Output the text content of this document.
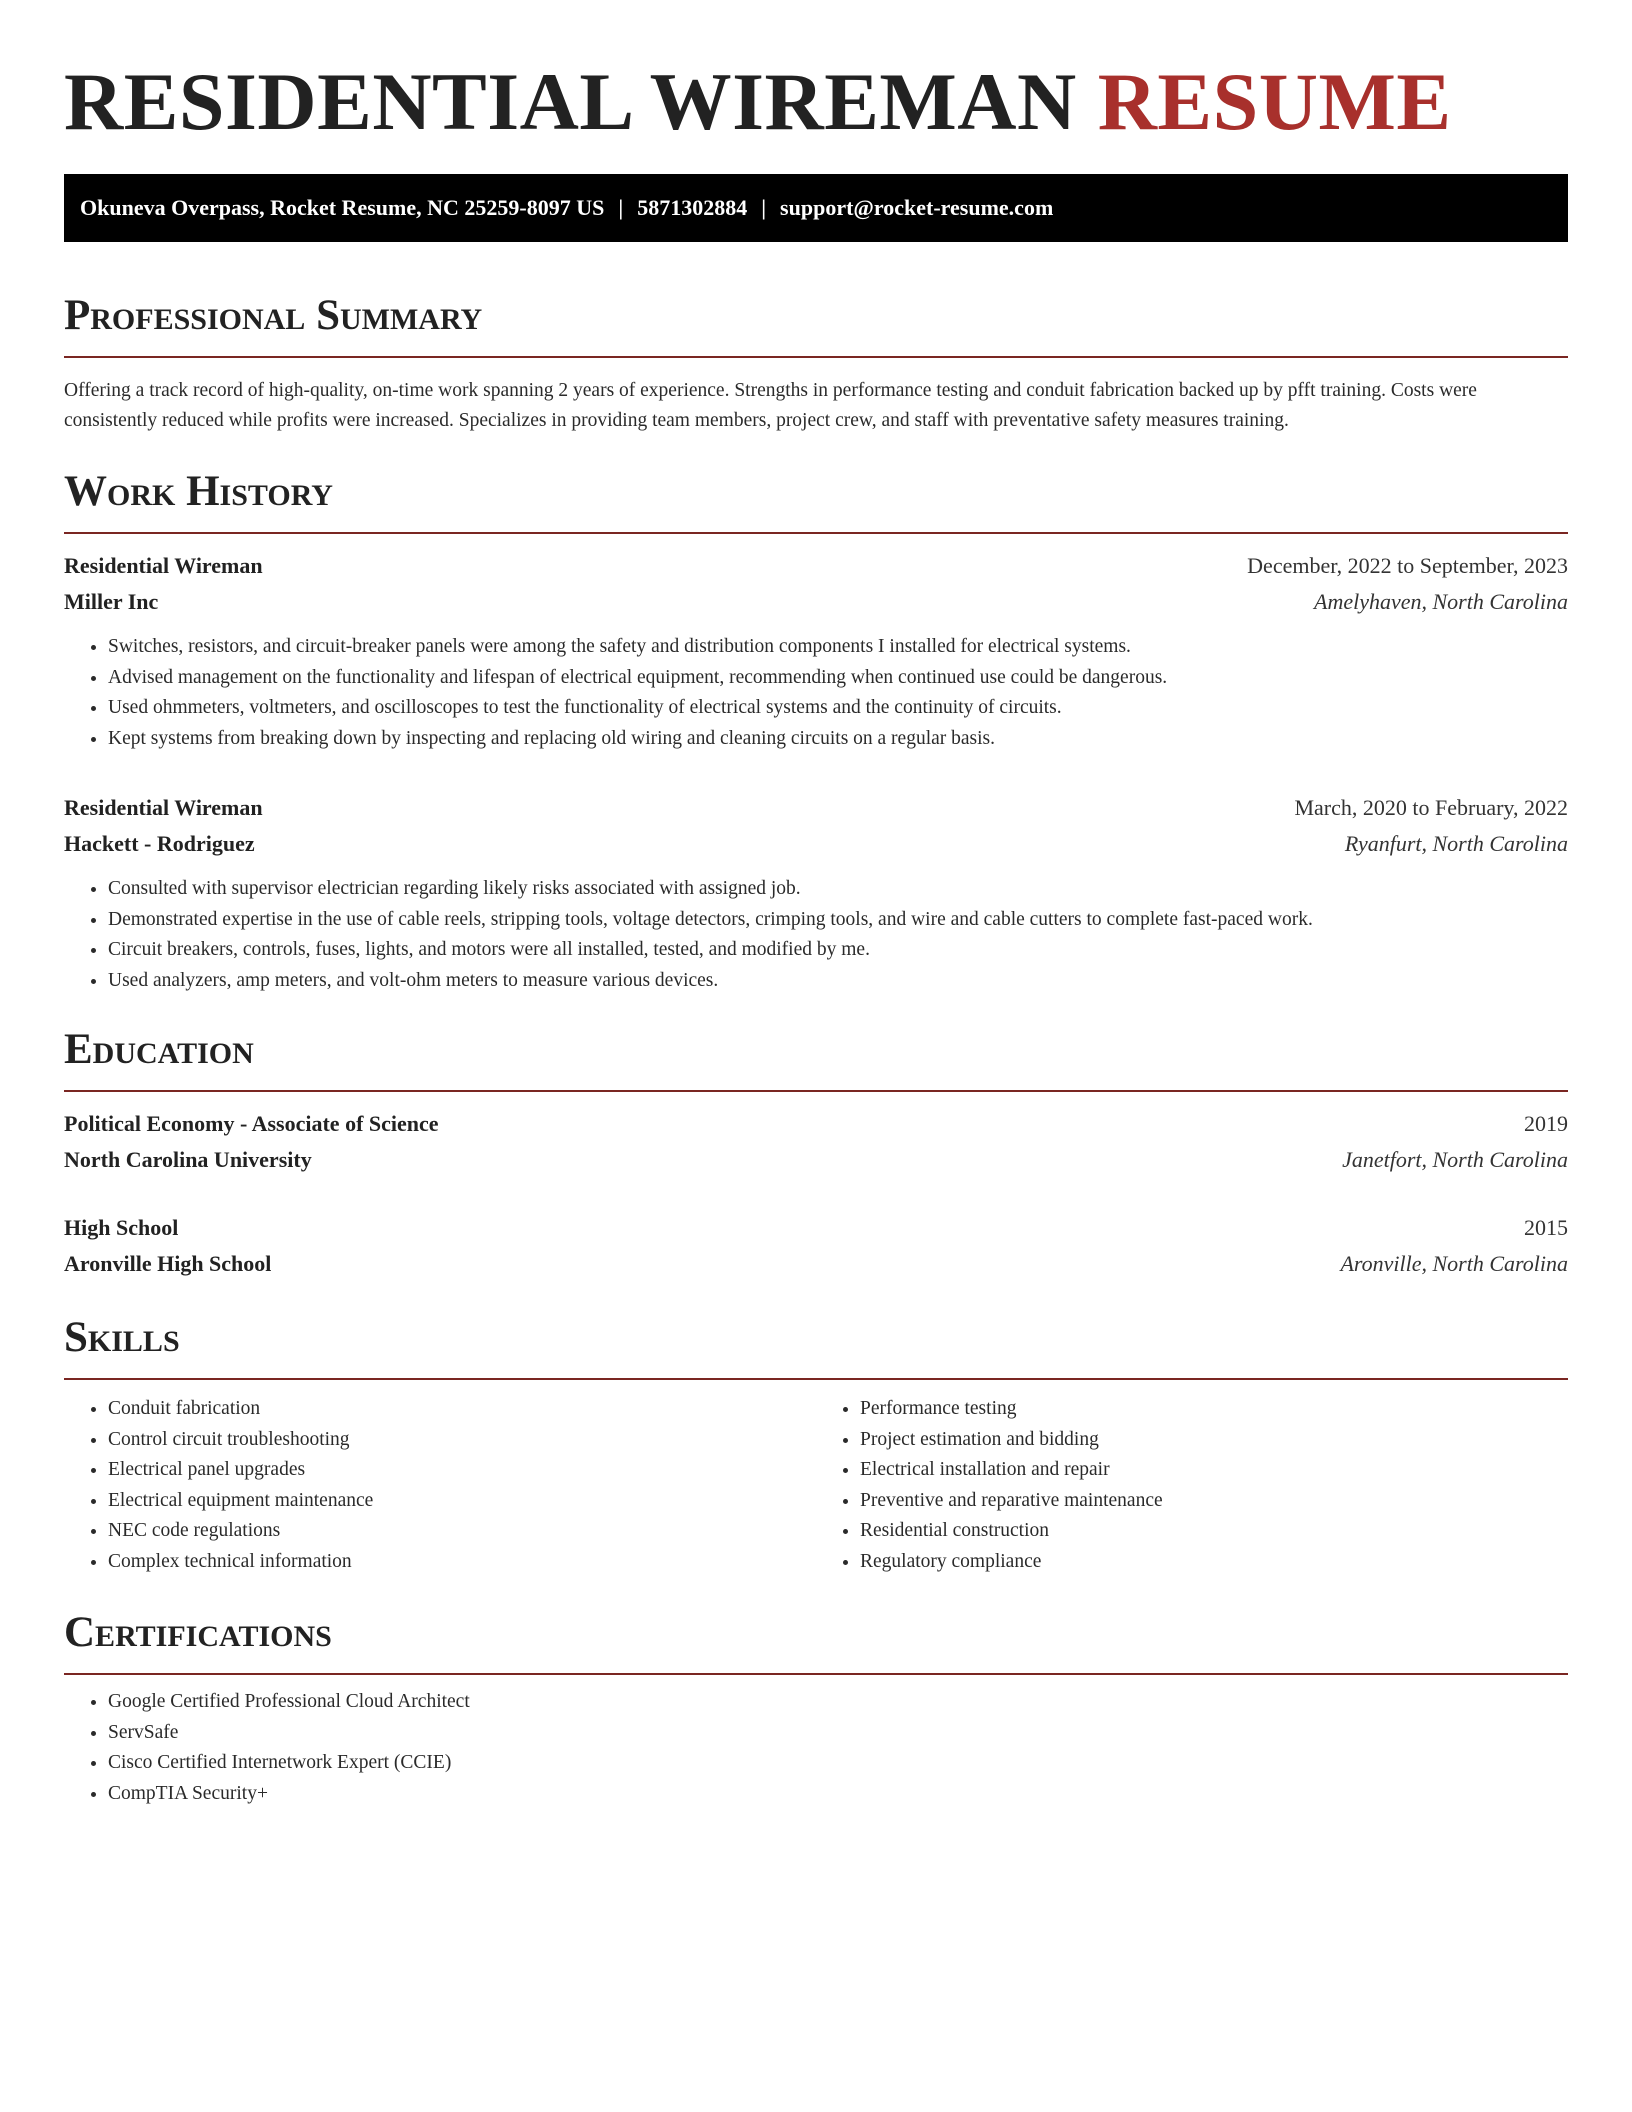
RESIDENTIAL WIREMAN RESUME
Okuneva Overpass, Rocket Resume, NC 25259-8097 US | 5871302884 | support@rocket-resume.com
Professional Summary

Offering a track record of high-quality, on-time work spanning 2 years of experience. Strengths in performance testing and conduit fabrication backed up by pfft training. Costs were consistently reduced while profits were increased. Specializes in providing team members, project crew, and staff with preventative safety measures training.

Work History
Residential Wireman	December, 2022 to September, 2023
Miller Inc	Amelyhaven, North Carolina
• Switches, resistors, and circuit-breaker panels were among the safety and distribution components I installed for electrical systems.
• Advised management on the functionality and lifespan of electrical equipment, recommending when continued use could be dangerous.
• Used ohmmeters, voltmeters, and oscilloscopes to test the functionality of electrical systems and the continuity of circuits.
• Kept systems from breaking down by inspecting and replacing old wiring and cleaning circuits on a regular basis.
Residential Wireman	March, 2020 to February, 2022
Hackett - Rodriguez	Ryanfurt, North Carolina
• Consulted with supervisor electrician regarding likely risks associated with assigned job.
• Demonstrated expertise in the use of cable reels, stripping tools, voltage detectors, crimping tools, and wire and cable cutters to complete fast-paced work.
• Circuit breakers, controls, fuses, lights, and motors were all installed, tested, and modified by me.
• Used analyzers, amp meters, and volt-ohm meters to measure various devices.
Education
Political Economy - Associate of Science	2019
North Carolina University	Janetfort, North Carolina
High School	2015
Aronville High School	Aronville, North Carolina
Skills
• Conduit fabrication
• Control circuit troubleshooting
• Electrical panel upgrades
• Electrical equipment maintenance
• NEC code regulations
• Complex technical information
• Performance testing
• Project estimation and bidding
• Electrical installation and repair
• Preventive and reparative maintenance
• Residential construction
• Regulatory compliance
Certifications
• Google Certified Professional Cloud Architect
• ServSafe
• Cisco Certified Internetwork Expert (CCIE)
• CompTIA Security+
